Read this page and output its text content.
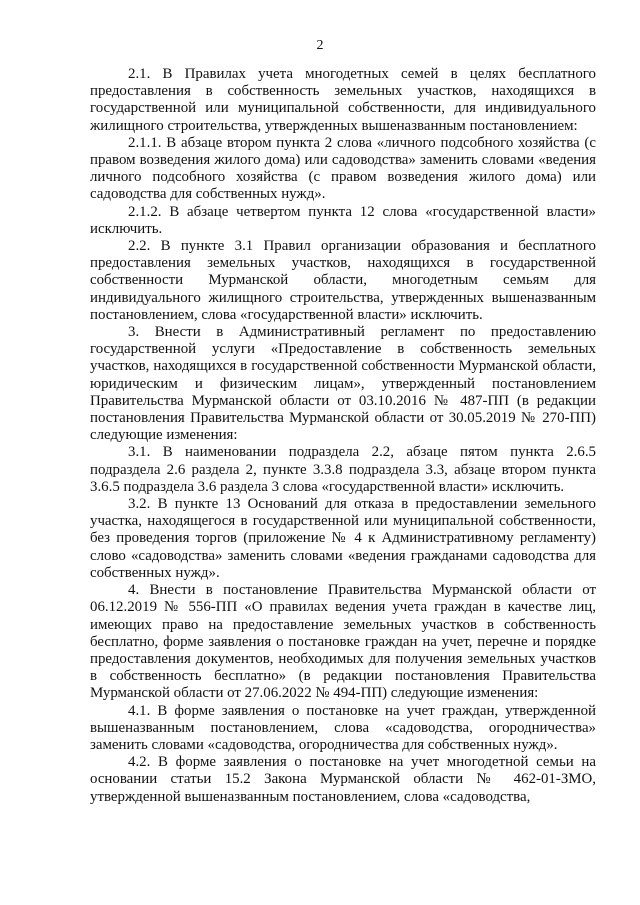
2

2.1. В Правилах учета многодетных семей в целях бесплатного предоставления в собственность земельных участков, находящихся в государственной или муниципальной собственности, для индивидуального жилищного строительства, утвержденных вышеназванным постановлением:

2.1.1. В абзаце втором пункта 2 слова «личного подсобного хозяйства (с правом возведения жилого дома) или садоводства» заменить словами «ведения личного подсобного хозяйства (с правом возведения жилого дома) или садоводства для собственных нужд».

2.1.2. В абзаце четвертом пункта 12 слова «государственной власти» исключить.

2.2. В пункте 3.1 Правил организации образования и бесплатного предоставления земельных участков, находящихся в государственной собственности Мурманской области, многодетным семьям для индивидуального жилищного строительства, утвержденных вышеназванным постановлением, слова «государственной власти» исключить.

3. Внести в Административный регламент по предоставлению государственной услуги «Предоставление в собственность земельных участков, находящихся в государственной собственности Мурманской области, юридическим и физическим лицам», утвержденный постановлением Правительства Мурманской области от 03.10.2016 № 487-ПП (в редакции постановления Правительства Мурманской области от 30.05.2019 № 270-ПП) следующие изменения:

3.1. В наименовании подраздела 2.2, абзаце пятом пункта 2.6.5 подраздела 2.6 раздела 2, пункте 3.3.8 подраздела 3.3, абзаце втором пункта 3.6.5 подраздела 3.6 раздела 3 слова «государственной власти» исключить.

3.2. В пункте 13 Оснований для отказа в предоставлении земельного участка, находящегося в государственной или муниципальной собственности, без проведения торгов (приложение № 4 к Административному регламенту) слово «садоводства» заменить словами «ведения гражданами садоводства для собственных нужд».

4. Внести в постановление Правительства Мурманской области от 06.12.2019 № 556-ПП «О правилах ведения учета граждан в качестве лиц, имеющих право на предоставление земельных участков в собственность бесплатно, форме заявления о постановке граждан на учет, перечне и порядке предоставления документов, необходимых для получения земельных участков в собственность бесплатно» (в редакции постановления Правительства Мурманской области от 27.06.2022 № 494-ПП) следующие изменения:

4.1. В форме заявления о постановке на учет граждан, утвержденной вышеназванным постановлением, слова «садоводства, огородничества» заменить словами «садоводства, огородничества для собственных нужд».

4.2. В форме заявления о постановке на учет многодетной семьи на основании статьи 15.2 Закона Мурманской области № 462-01-ЗМО, утвержденной вышеназванным постановлением, слова «садоводства,
